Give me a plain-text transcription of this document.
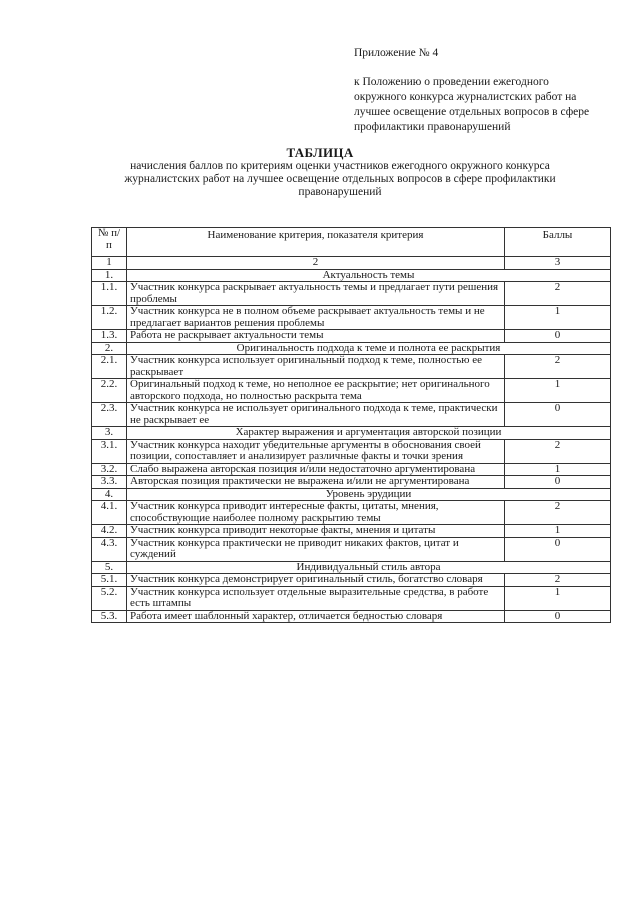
Приложение № 4
к Положению о проведении ежегодного окружного конкурса журналистских работ на лучшее освещение отдельных вопросов в сфере профилактики правонарушений
ТАБЛИЦА
начисления баллов по критериям оценки участников ежегодного окружного конкурса журналистских работ на лучшее освещение отдельных вопросов в сфере профилактики правонарушений
№ п/п	Наименование критерия, показателя критерия	Баллы
1	2	3
1.	Актуальность темы	
1.1.	Участник конкурса раскрывает актуальность темы и предлагает пути решения проблемы	2
1.2.	Участник конкурса не в полном объеме раскрывает актуальность темы и не предлагает вариантов решения проблемы	1
1.3.	Работа не раскрывает актуальности темы	0
2.	Оригинальность подхода к теме и полнота ее раскрытия	
2.1.	Участник конкурса использует оригинальный подход к теме, полностью ее раскрывает	2
2.2.	Оригинальный подход к теме, но неполное ее раскрытие; нет оригинального авторского подхода, но полностью раскрыта тема	1
2.3.	Участник конкурса не использует оригинального подхода к теме, практически не раскрывает ее	0
3.	Характер выражения и аргументация авторской позиции	
3.1.	Участник конкурса находит убедительные аргументы в обоснования своей позиции, сопоставляет и анализирует различные факты и точки зрения	2
3.2.	Слабо выражена авторская позиция и/или недостаточно аргументирована	1
3.3.	Авторская позиция практически не выражена и/или не аргументирована	0
4.	Уровень эрудиции	
4.1.	Участник конкурса приводит интересные факты, цитаты, мнения, способствующие наиболее полному раскрытию темы	2
4.2.	Участник конкурса приводит некоторые факты, мнения и цитаты	1
4.3.	Участник конкурса практически не приводит никаких фактов, цитат и суждений	0
5.	Индивидуальный стиль автора	
5.1.	Участник конкурса демонстрирует оригинальный стиль, богатство словаря	2
5.2.	Участник конкурса использует отдельные выразительные средства, в работе есть штампы	1
5.3.	Работа имеет шаблонный характер, отличается бедностью словаря	0
